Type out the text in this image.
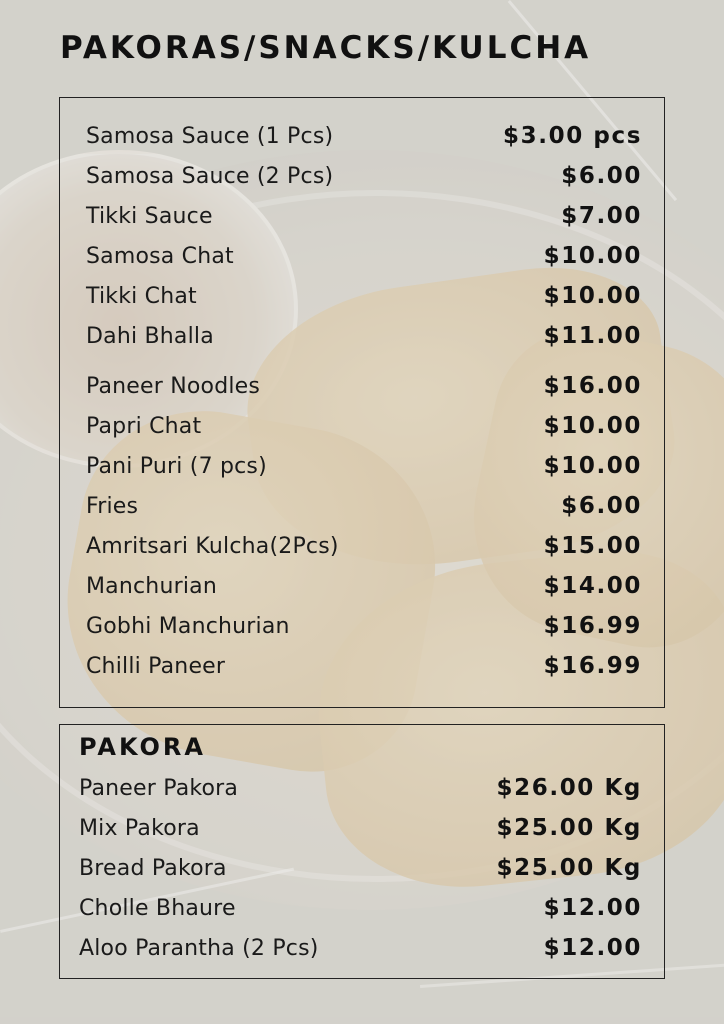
PAKORAS/SNACKS/KULCHA
Samosa Sauce (1 Pcs)	$3.00 pcs
Samosa Sauce (2 Pcs)	$6.00
Tikki Sauce	$7.00
Samosa Chat	$10.00
Tikki Chat	$10.00
Dahi Bhalla	$11.00
Paneer Noodles	$16.00
Papri Chat	$10.00
Pani Puri (7 pcs)	$10.00
Fries	$6.00
Amritsari Kulcha(2Pcs)	$15.00
Manchurian	$14.00
Gobhi Manchurian	$16.99
Chilli Paneer	$16.99
PAKORA
Paneer Pakora	$26.00 Kg
Mix Pakora	$25.00 Kg
Bread Pakora	$25.00 Kg
Cholle Bhaure	$12.00
Aloo Parantha (2 Pcs)	$12.00
